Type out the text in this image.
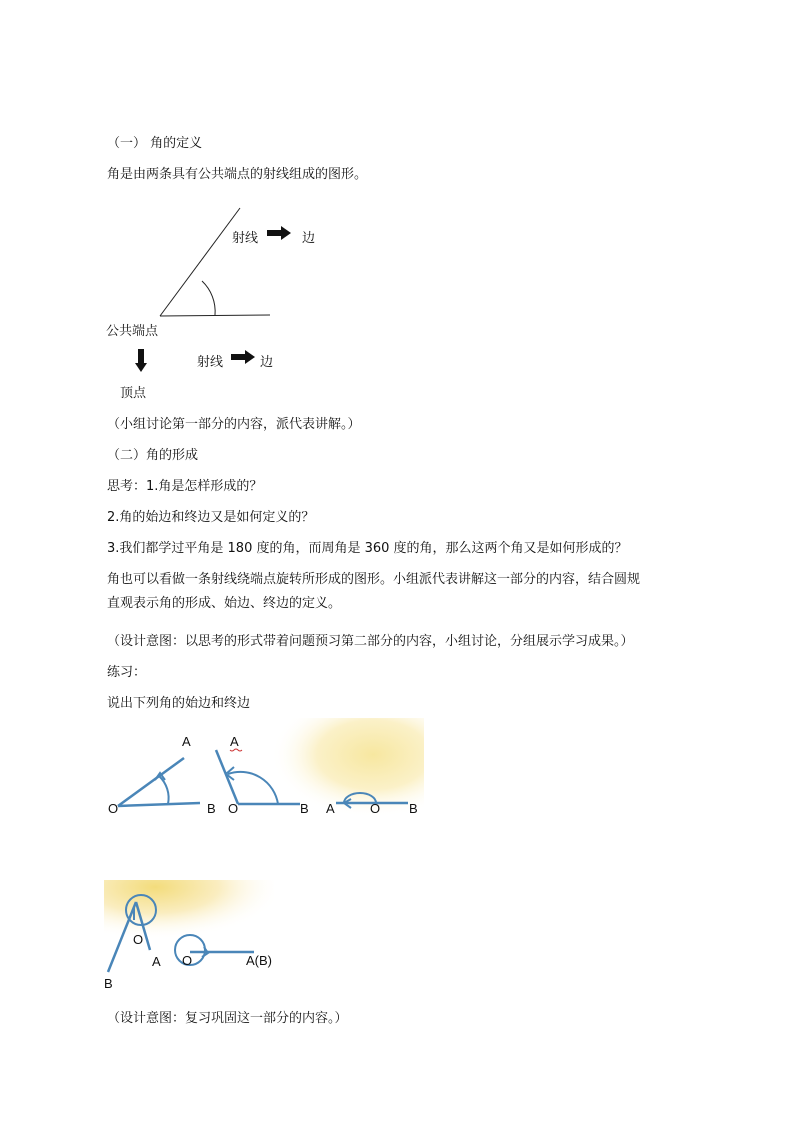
（一） 角的定义
角是由两条具有公共端点的射线组成的图形。
射线	边
公共端点
射线	边
顶点
（小组讨论第一部分的内容，派代表讲解。）
（二）角的形成
思考：1.角是怎样形成的？
2.角的始边和终边又是如何定义的？
3.我们都学过平角是 180 度的角，而周角是 360 度的角，那么这两个角又是如何形成的？
角也可以看做一条射线绕端点旋转所形成的图形。小组派代表讲解这一部分的内容，结合圆规直观表示角的形成、始边、终边的定义。
（设计意图：以思考的形式带着问题预习第二部分的内容，小组讨论，分组展示学习成果。）
练习：
说出下列角的始边和终边
A
O	B
A
O	B A	O B
O
A
B
O	A(B)
（设计意图：复习巩固这一部分的内容。）
